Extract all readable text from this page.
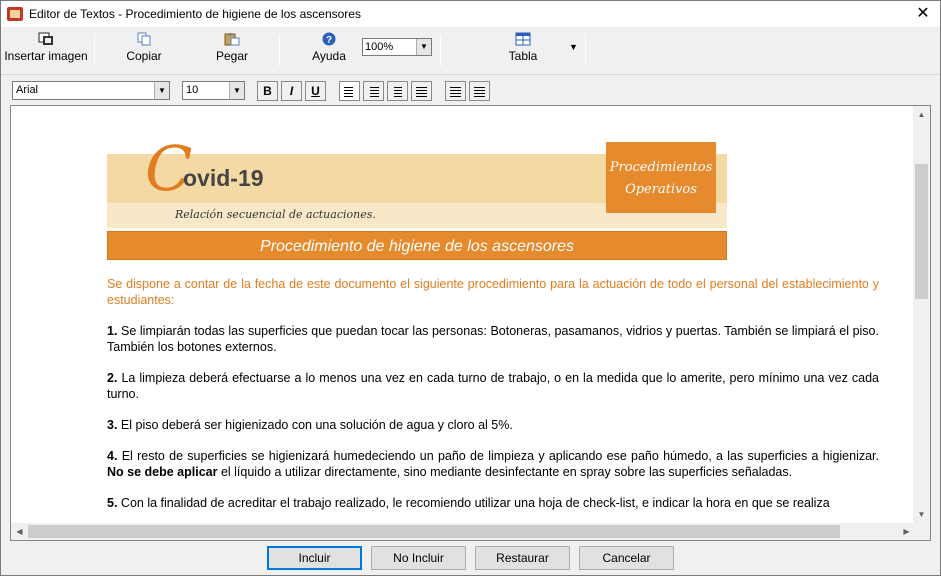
Editor de Textos - Procedimiento de higiene de los ascensores	✕
Insertar imagen	Copiar	Pegar
?
Ayuda
100%	▼
Tabla
▼
Arial	▼	10	▼	B	I	U
C
ovid-19
Relación secuencial de actuaciones.
Procedimientos
Operativos
Procedimiento de higiene de los ascensores

Se dispone a contar de la fecha de este documento el siguiente procedimiento para la actuación de todo el personal del establecimiento y estudiantes:

1. Se limpiarán todas las superficies que puedan tocar las personas: Botoneras, pasamanos, vidrios y puertas. También se limpiará el piso. También los botones externos.

2. La limpieza deberá efectuarse a lo menos una vez en cada turno de trabajo, o en la medida que lo amerite, pero mínimo una vez cada turno.

3. El piso deberá ser higienizado con una solución de agua y cloro al 5%.

4. El resto de superficies se higienizará humedeciendo un paño de limpieza y aplicando ese paño húmedo, a las superficies a higienizar. No se debe aplicar el líquido a utilizar directamente, sino mediante desinfectante en spray sobre las superficies señaladas.

5. Con la finalidad de acreditar el trabajo realizado, le recomiendo utilizar una hoja de check-list, e indicar la hora en que se realiza

▲
▼
◀	▶
Incluir	No Incluir	Restaurar	Cancelar
